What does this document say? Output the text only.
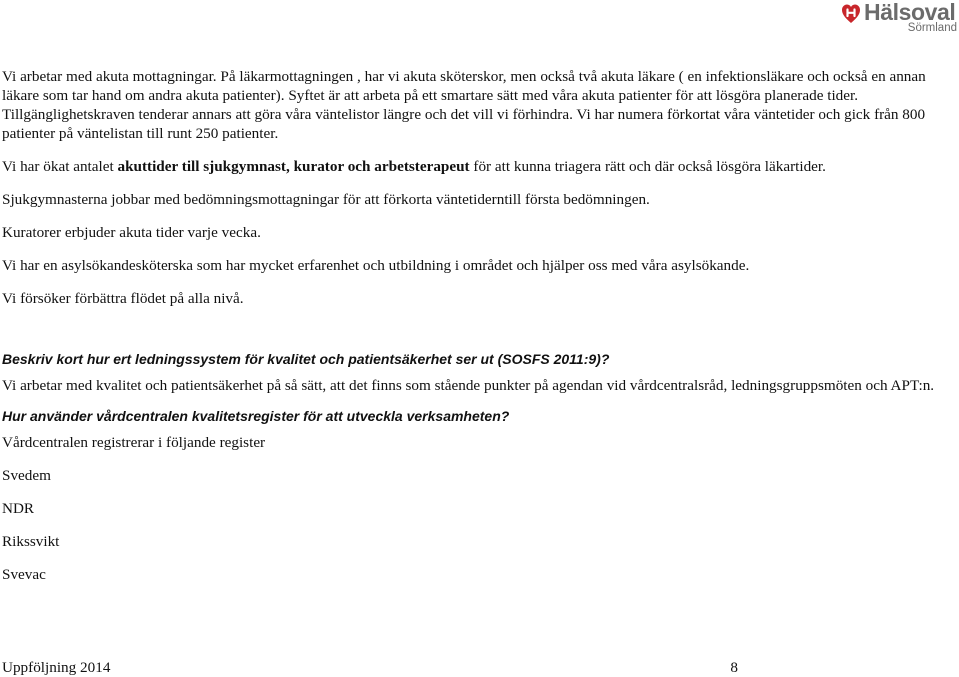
Hälsoval
Sörmland

Vi arbetar med akuta mottagningar. På läkarmottagningen , har vi akuta sköterskor, men också två akuta läkare ( en infektionsläkare och också en annan läkare som tar hand om andra akuta patienter). Syftet är att arbeta på ett smartare sätt med våra akuta patienter för att lösgöra planerade tider. Tillgänglighetskraven tenderar annars att göra våra väntelistor längre och det vill vi förhindra. Vi har numera förkortat våra väntetider och gick från 800 patienter på väntelistan till runt 250 patienter.

Vi har ökat antalet akuttider till sjukgymnast, kurator och arbetsterapeut för att kunna triagera rätt och där också lösgöra läkartider.

Sjukgymnasterna jobbar med bedömningsmottagningar för att förkorta väntetiderntill första bedömningen.

Kuratorer erbjuder akuta tider varje vecka.

Vi har en asylsökandesköterska som har mycket erfarenhet och utbildning i området och hjälper oss med våra asylsökande.

Vi försöker förbättra flödet på alla nivå.

Beskriv kort hur ert ledningssystem för kvalitet och patientsäkerhet ser ut (SOSFS 2011:9)?

Vi arbetar med kvalitet och patientsäkerhet på så sätt, att det finns som stående punkter på agendan vid vårdcentralsråd, ledningsgruppsmöten och APT:n.

Hur använder vårdcentralen kvalitetsregister för att utveckla verksamheten?

Vårdcentralen registrerar i följande register

Svedem

NDR

Rikssvikt

Svevac

Uppföljning 2014	8
